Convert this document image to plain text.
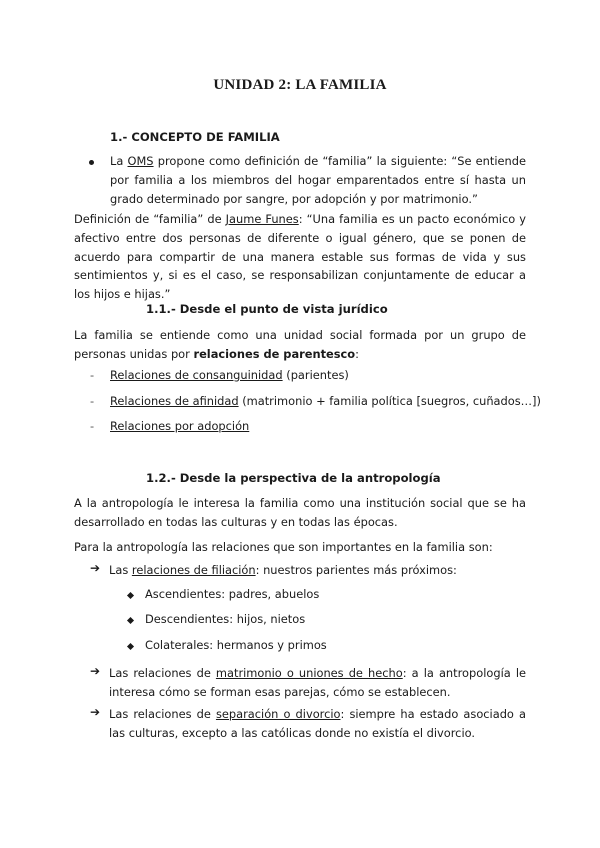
UNIDAD 2: LA FAMILIA
1.- CONCEPTO DE FAMILIA
La OMS propone como definición de “familia” la siguiente: “Se entiende por familia a los miembros del hogar emparentados entre sí hasta un grado determinado por sangre, por adopción y por matrimonio.”
Definición de “familia” de Jaume Funes: “Una familia es un pacto económico y afectivo entre dos personas de diferente o igual género, que se ponen de acuerdo para compartir de una manera estable sus formas de vida y sus sentimientos y, si es el caso, se responsabilizan conjuntamente de educar a los hijos e hijas.”
1.1.- Desde el punto de vista jurídico
La familia se entiende como una unidad social formada por un grupo de personas unidas por relaciones de parentesco:
- Relaciones de consanguinidad (parientes)
- Relaciones de afinidad (matrimonio + familia política [suegros, cuñados…])
- Relaciones por adopción
1.2.- Desde la perspectiva de la antropología
A la antropología le interesa la familia como una institución social que se ha desarrollado en todas las culturas y en todas las épocas.
Para la antropología las relaciones que son importantes en la familia son:
➔ Las relaciones de filiación: nuestros parientes más próximos:
Ascendientes: padres, abuelos
Descendientes: hijos, nietos
Colaterales: hermanos y primos
➔ Las relaciones de matrimonio o uniones de hecho: a la antropología le interesa cómo se forman esas parejas, cómo se establecen.
➔ Las relaciones de separación o divorcio: siempre ha estado asociado a las culturas, excepto a las católicas donde no existía el divorcio.
